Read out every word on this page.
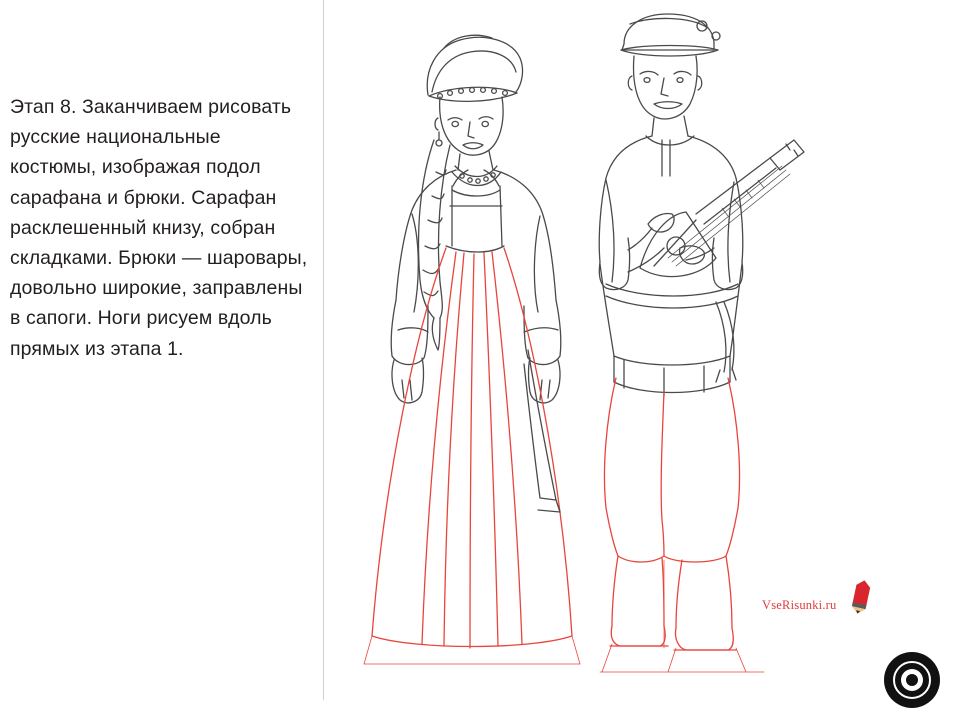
Этап 8. Заканчиваем рисовать русские национальные костюмы, изображая подол сарафана и брюки. Сарафан расклешенный книзу, собран складками. Брюки — шаровары, довольно широкие, заправлены в сапоги. Ноги рисуем вдоль прямых из этапа 1.
VseRisunki.ru
